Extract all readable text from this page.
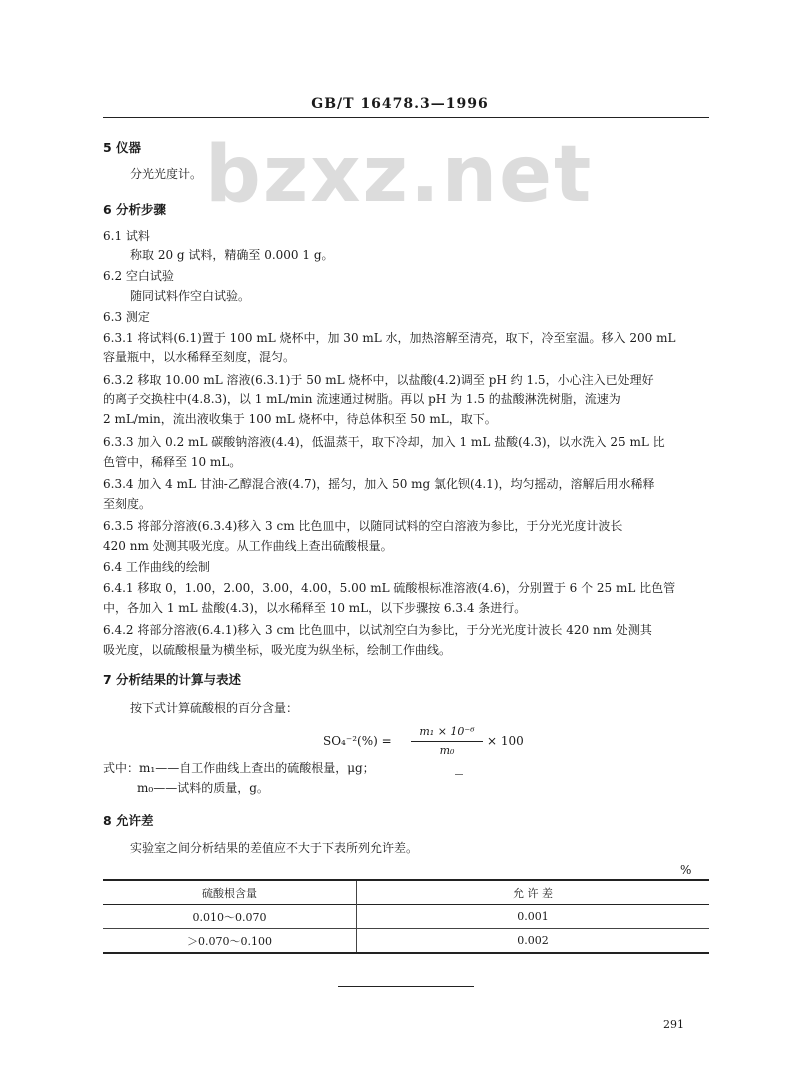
GB/T 16478.3—1996
bzxz.net
5 仪器
分光光度计。
6 分析步骤
6.1 试料
称取 20 g 试料，精确至 0.000 1 g。
6.2 空白试验
随同试料作空白试验。
6.3 测定
6.3.1 将试料(6.1)置于 100 mL 烧杯中，加 30 mL 水，加热溶解至清亮，取下，冷至室温。移入 200 mL
容量瓶中，以水稀释至刻度，混匀。
6.3.2 移取 10.00 mL 溶液(6.3.1)于 50 mL 烧杯中，以盐酸(4.2)调至 pH 约 1.5，小心注入已处理好
的离子交换柱中(4.8.3)，以 1 mL/min 流速通过树脂。再以 pH 为 1.5 的盐酸淋洗树脂，流速为
2 mL/min，流出液收集于 100 mL 烧杯中，待总体积至 50 mL，取下。
6.3.3 加入 0.2 mL 碳酸钠溶液(4.4)，低温蒸干，取下冷却，加入 1 mL 盐酸(4.3)，以水洗入 25 mL 比
色管中，稀释至 10 mL。
6.3.4 加入 4 mL 甘油-乙醇混合液(4.7)，摇匀，加入 50 mg 氯化钡(4.1)，均匀摇动，溶解后用水稀释
至刻度。
6.3.5 将部分溶液(6.3.4)移入 3 cm 比色皿中，以随同试料的空白溶液为参比，于分光光度计波长
420 nm 处测其吸光度。从工作曲线上查出硫酸根量。
6.4 工作曲线的绘制
6.4.1 移取 0，1.00，2.00，3.00，4.00，5.00 mL 硫酸根标准溶液(4.6)，分别置于 6 个 25 mL 比色管
中，各加入 1 mL 盐酸(4.3)，以水稀释至 10 mL，以下步骤按 6.3.4 条进行。
6.4.2 将部分溶液(6.4.1)移入 3 cm 比色皿中，以试剂空白为参比，于分光光度计波长 420 nm 处测其
吸光度，以硫酸根量为横坐标，吸光度为纵坐标，绘制工作曲线。
7 分析结果的计算与表述
按下式计算硫酸根的百分含量：
SO₄⁻²(%) =
m₁ × 10⁻⁶
m₀
× 100
式中：m₁——自工作曲线上查出的硫酸根量，μg；
m₀——试料的质量，g。
8 允许差
实验室之间分析结果的差值应不大于下表所列允许差。
%
硫酸根含量	允 许 差
0.010～0.070	0.001
＞0.070～0.100	0.002
291
